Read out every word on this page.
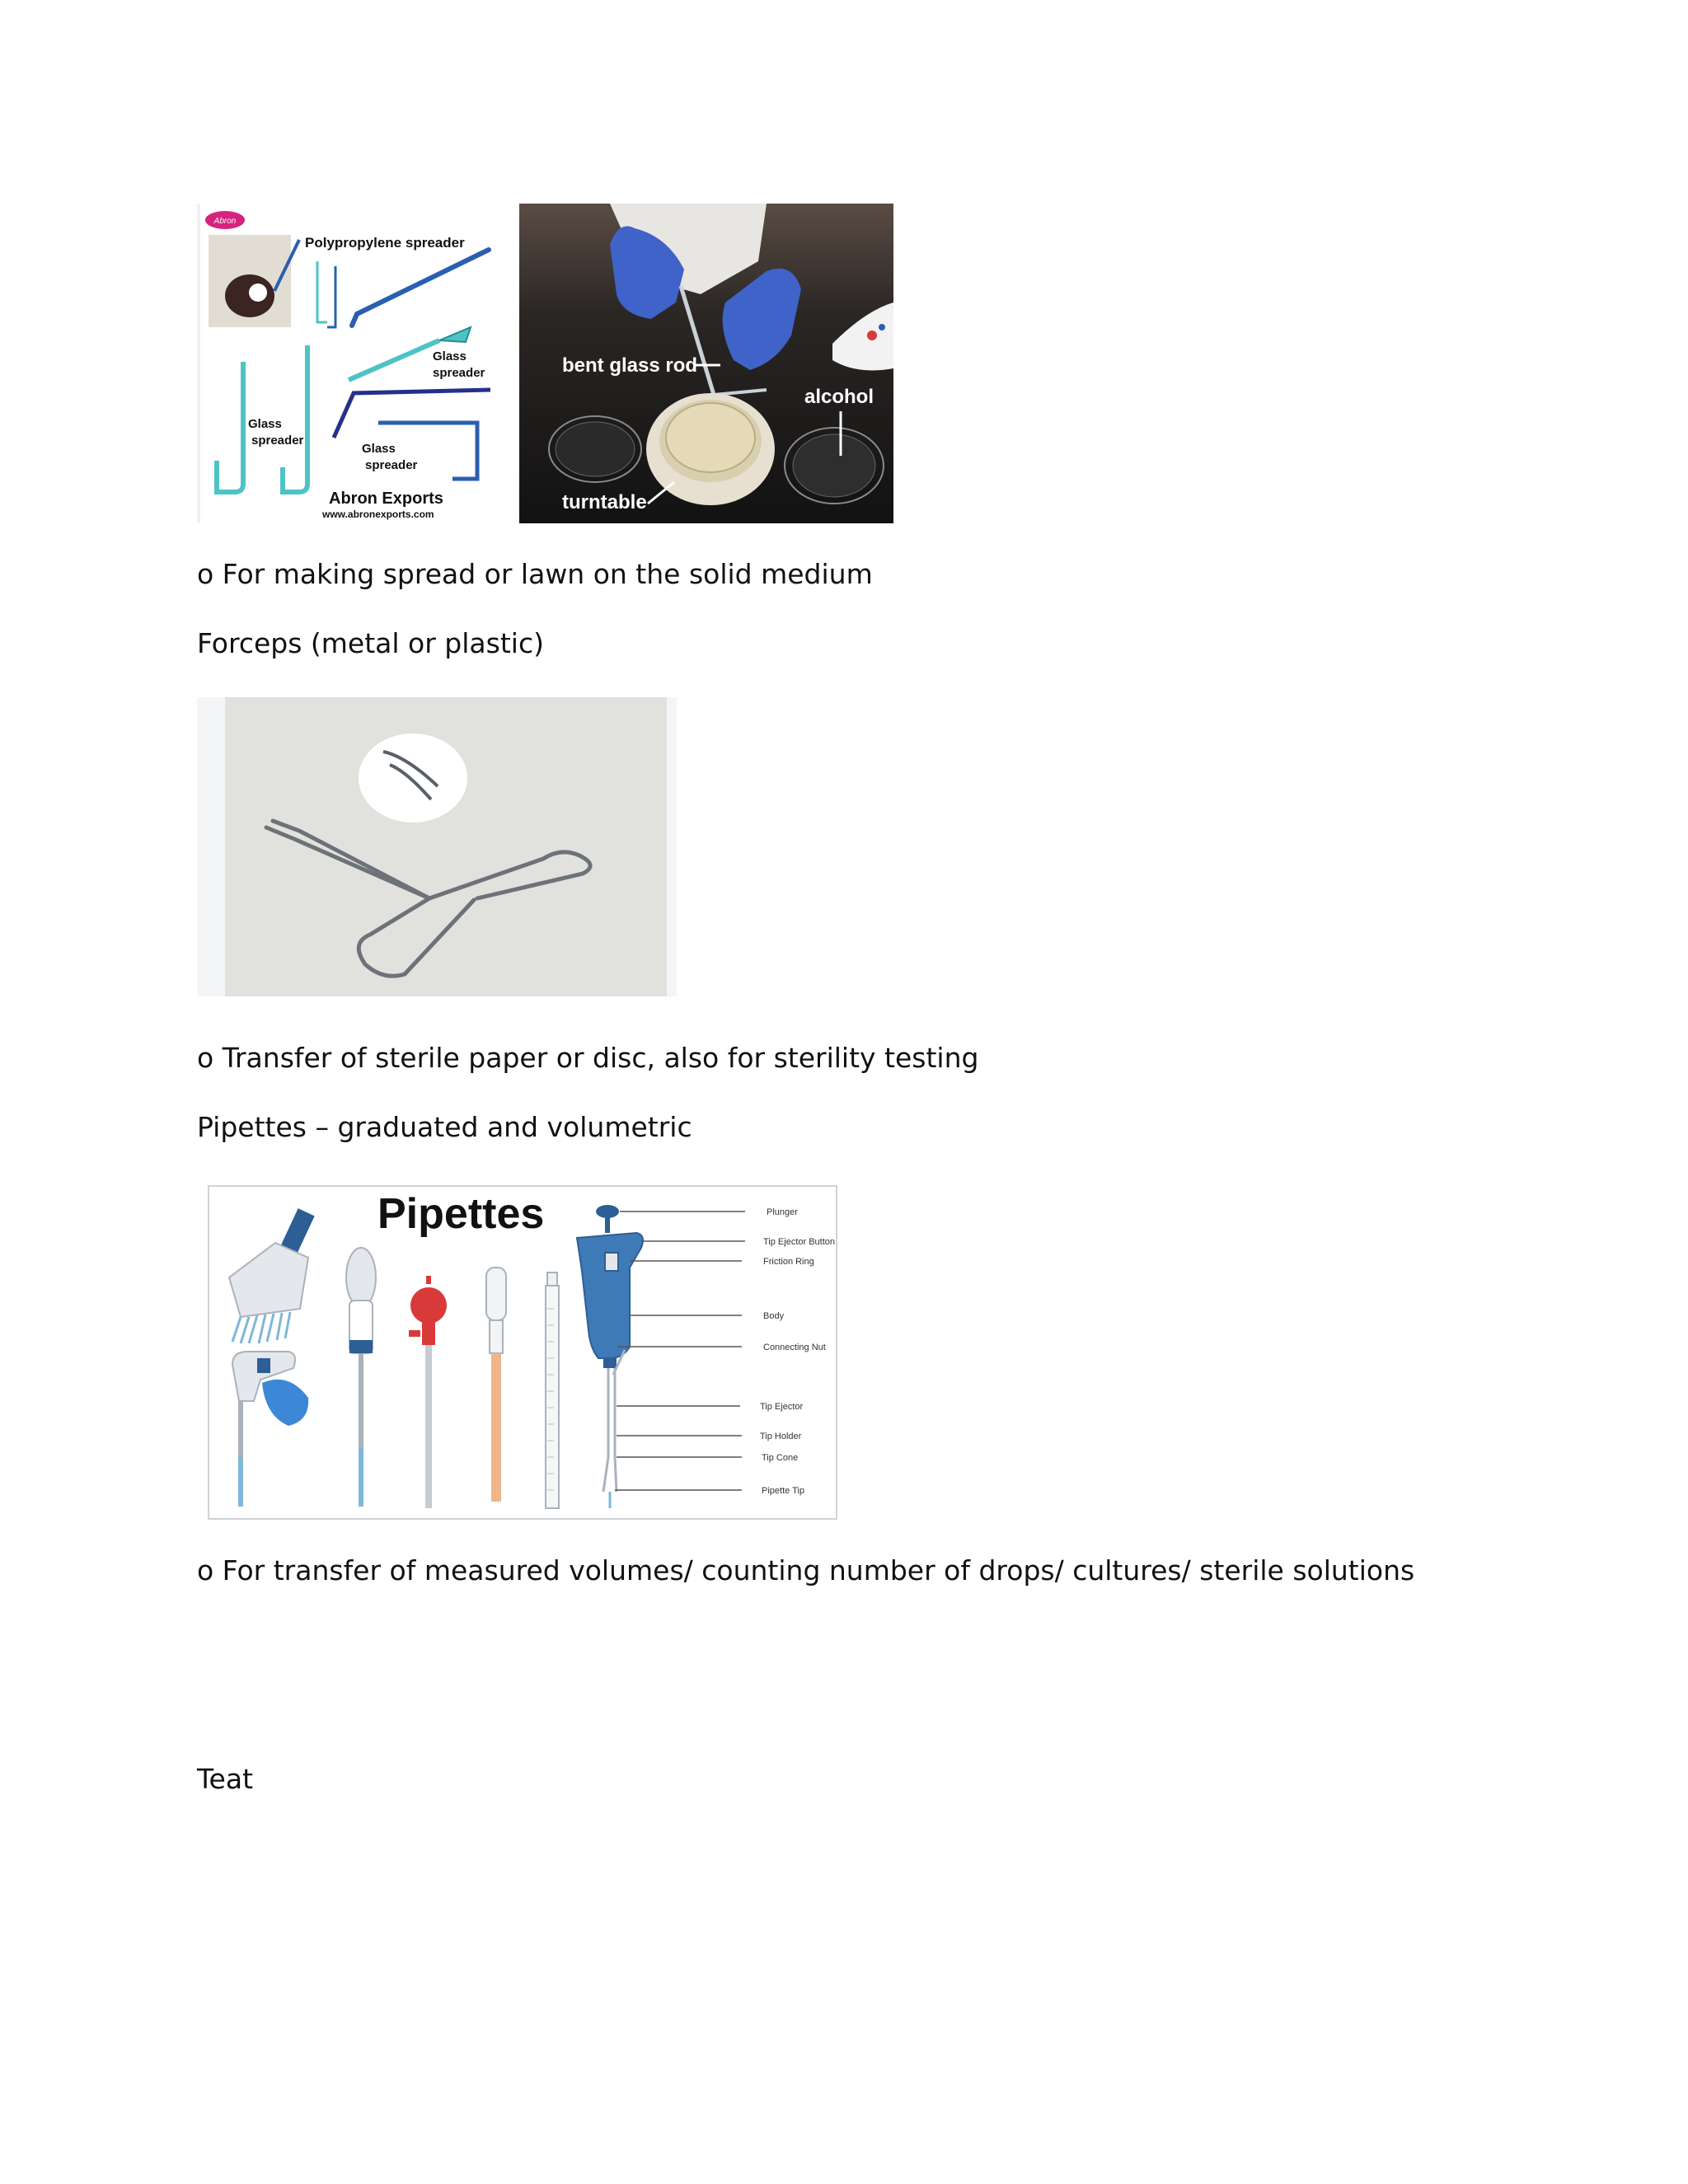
Abron
Polypropylene spreader
Glass
spreader
Glass
spreader
Glass
spreader
Abron Exports
www.abronexports.com
bent glass rod
alcohol
turntable

o For making spread or lawn on the solid medium

Forceps (metal or plastic)

o Transfer of sterile paper or disc, also for sterility testing

Pipettes – graduated and volumetric

Pipettes	Plunger
Tip Ejector Button
Friction Ring
Body
Connecting Nut
Tip Ejector
Tip Holder
Tip Cone
Pipette Tip

o For transfer of measured volumes/ counting number of drops/ cultures/ sterile solutions

Teat
